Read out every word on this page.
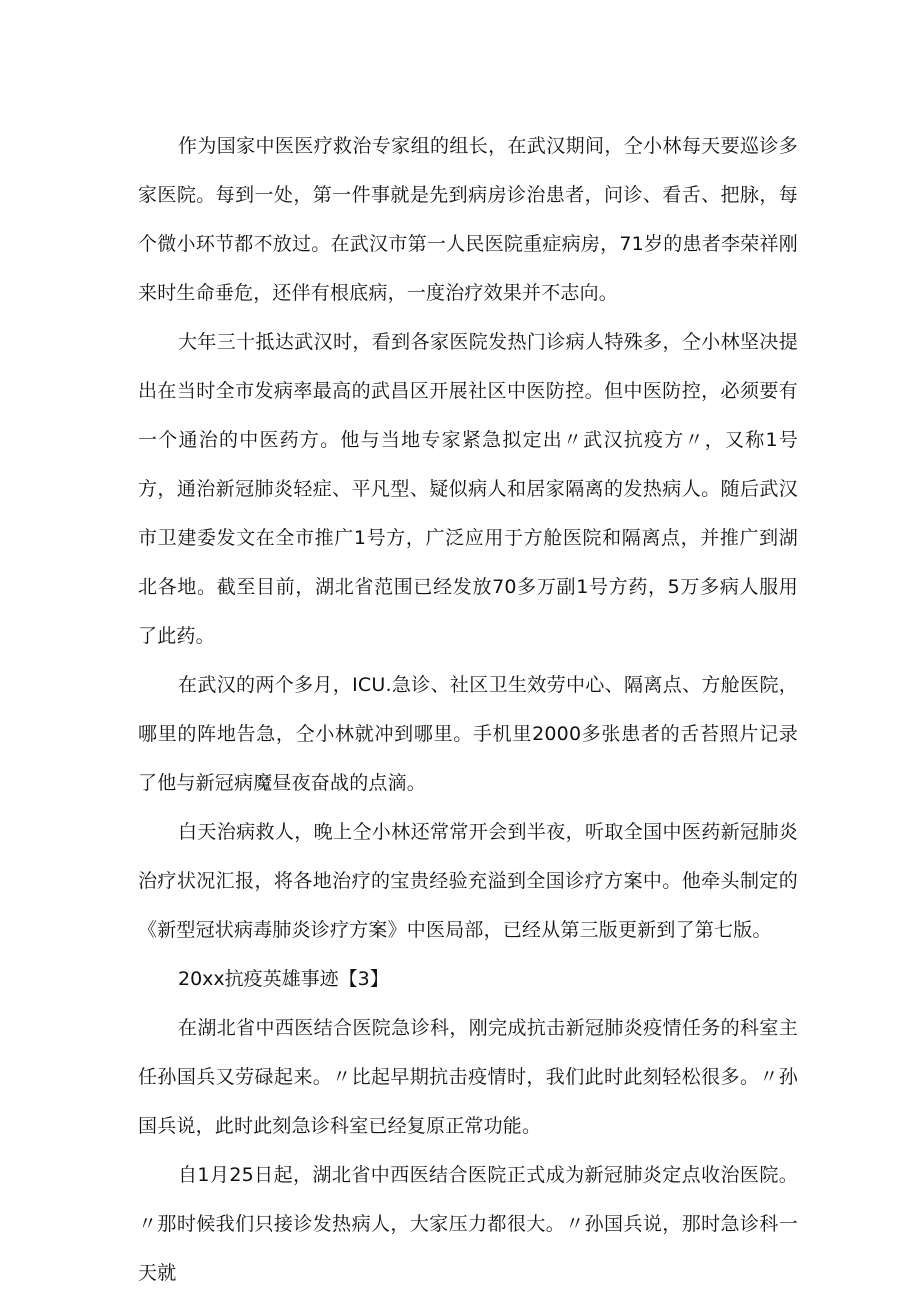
作为国家中医医疗救治专家组的组长，在武汉期间，仝小林每天要巡诊多家医院。每到一处，第一件事就是先到病房诊治患者，问诊、看舌、把脉，每个微小环节都不放过。在武汉市第一人民医院重症病房，71岁的患者李荣祥刚来时生命垂危，还伴有根底病，一度治疗效果并不志向。

大年三十抵达武汉时，看到各家医院发热门诊病人特殊多，仝小林坚决提出在当时全市发病率最高的武昌区开展社区中医防控。但中医防控，必须要有一个通治的中医药方。他与当地专家紧急拟定出〃武汉抗疫方〃，又称1号方，通治新冠肺炎轻症、平凡型、疑似病人和居家隔离的发热病人。随后武汉市卫建委发文在全市推广1号方，广泛应用于方舱医院和隔离点，并推广到湖北各地。截至目前，湖北省范围已经发放70多万副1号方药，5万多病人服用了此药。

在武汉的两个多月，ICU.急诊、社区卫生效劳中心、隔离点、方舱医院，哪里的阵地告急，仝小林就冲到哪里。手机里2000多张患者的舌苔照片记录了他与新冠病魔昼夜奋战的点滴。

白天治病救人，晚上仝小林还常常开会到半夜，听取全国中医药新冠肺炎治疗状况汇报，将各地治疗的宝贵经验充溢到全国诊疗方案中。他牵头制定的《新型冠状病毒肺炎诊疗方案》中医局部，已经从第三版更新到了第七版。

20xx抗疫英雄事迹【3】

在湖北省中西医结合医院急诊科，刚完成抗击新冠肺炎疫情任务的科室主任孙国兵又劳碌起来。〃比起早期抗击疫情时，我们此时此刻轻松很多。〃孙国兵说，此时此刻急诊科室已经复原正常功能。

自1月25日起，湖北省中西医结合医院正式成为新冠肺炎定点收治医院。〃那时候我们只接诊发热病人，大家压力都很大。〃孙国兵说，那时急诊科一天就
